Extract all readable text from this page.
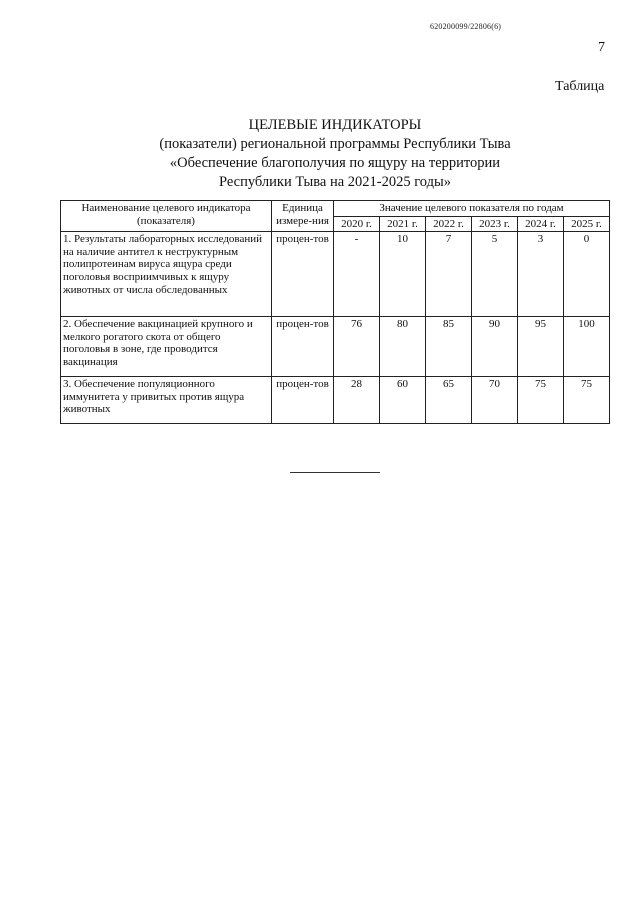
620200099/22806(6)
7
Таблица
ЦЕЛЕВЫЕ ИНДИКАТОРЫ
(показатели) региональной программы Республики Тыва
«Обеспечение благополучия по ящуру на территории
Республики Тыва на 2021-2025 годы»
Наименование целевого индикатора (показателя)	Единица измере-ния	Значение целевого показателя по годам					
		2020 г.	2021 г.	2022 г.	2023 г.	2024 г.	2025 г.
1. Результаты лабораторных исследований на наличие антител к неструктурным полипротеинам вируса ящура среди поголовья восприимчивых к ящуру животных от числа обследованных	процен-тов	-	10	7	5	3	0
2. Обеспечение вакцинацией крупного и мелкого рогатого скота от общего поголовья в зоне, где проводится вакцинация	процен-тов	76	80	85	90	95	100
3. Обеспечение популяционного иммунитета у привитых против ящура животных	процен-тов	28	60	65	70	75	75
